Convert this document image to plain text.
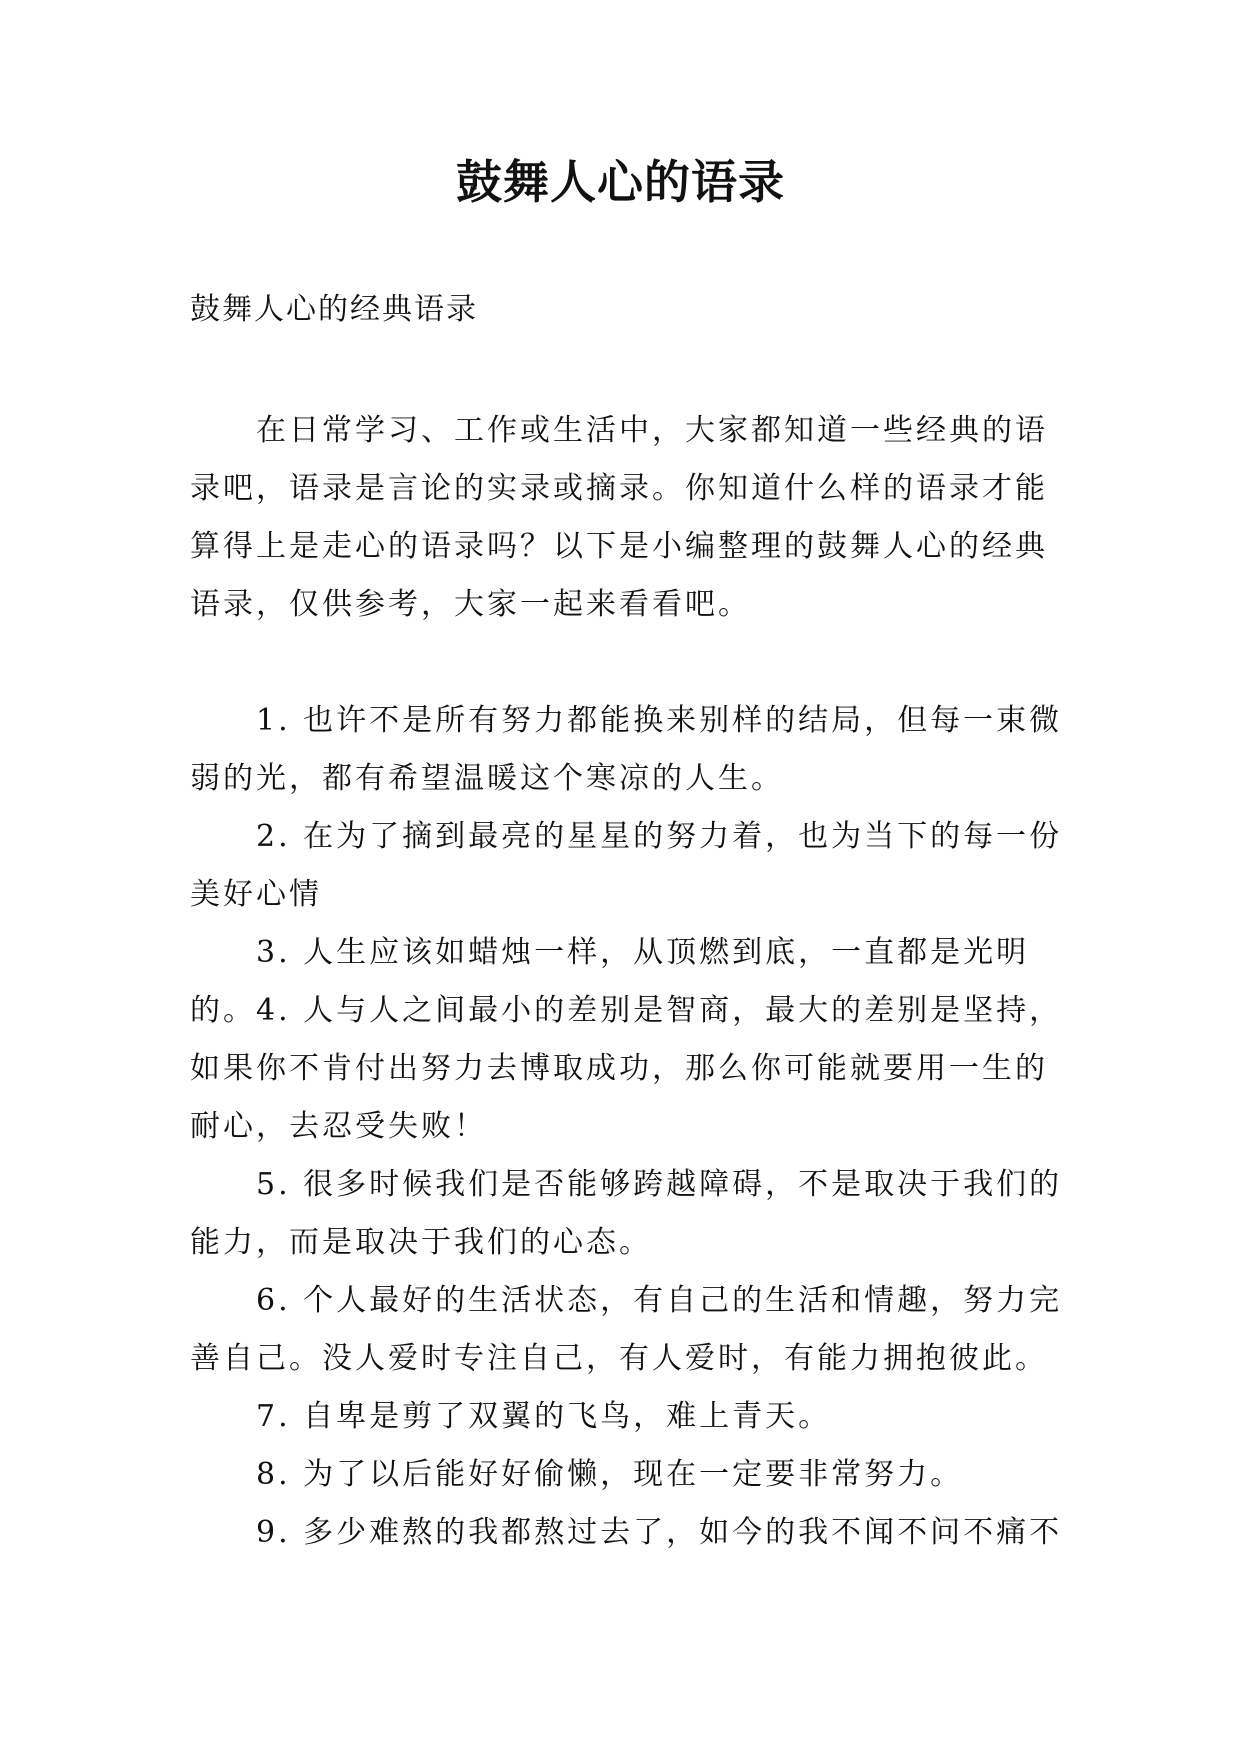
鼓舞人心的语录
鼓舞人心的经典语录

在日常学习、工作或生活中，大家都知道一些经典的语录吧，语录是言论的实录或摘录。你知道什么样的语录才能算得上是走心的语录吗？以下是小编整理的鼓舞人心的经典语录，仅供参考，大家一起来看看吧。

1. 也许不是所有努力都能换来别样的结局，但每一束微弱的光，都有希望温暖这个寒凉的人生。

2. 在为了摘到最亮的星星的努力着，也为当下的每一份美好心情

3. 人生应该如蜡烛一样，从顶燃到底，一直都是光明的。 4. 人与人之间最小的差别是智商，最大的差别是坚持，如果你不肯付出努力去博取成功，那么你可能就要用一生的耐心，去忍受失败！

5. 很多时候我们是否能够跨越障碍，不是取决于我们的能力，而是取决于我们的心态。

6. 个人最好的生活状态，有自己的生活和情趣，努力完善自己。没人爱时专注自己，有人爱时，有能力拥抱彼此。

7. 自卑是剪了双翼的飞鸟，难上青天。

8. 为了以后能好好偷懒，现在一定要非常努力。

9. 多少难熬的我都熬过去了，如今的我不闻不问不痛不
